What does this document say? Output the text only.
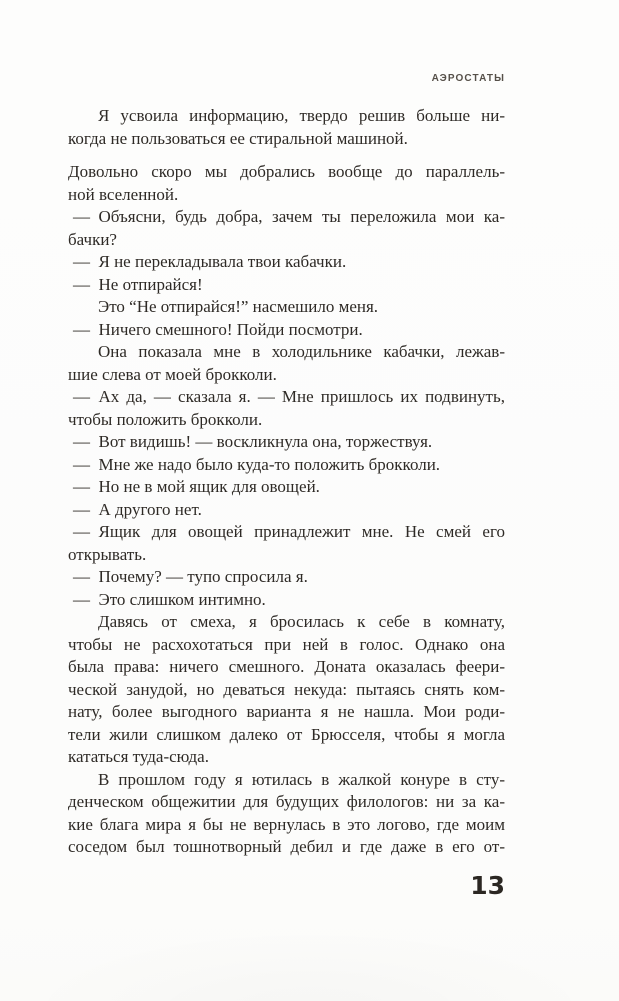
АЭРОСТАТЫ
Я усвоила информацию, твердо решив больше ни-
когда не пользоваться ее стиральной машиной.
Довольно скоро мы добрались вообще до параллель-
ной вселенной.
— Объясни, будь добра, зачем ты переложила мои ка-
бачки?
— Я не перекладывала твои кабачки.
— Не отпирайся!
Это “Не отпирайся!” насмешило меня.
— Ничего смешного! Пойди посмотри.
Она показала мне в холодильнике кабачки, лежав-
шие слева от моей брокколи.
— Ах да, — сказала я. — Мне пришлось их подвинуть,
чтобы положить брокколи.
— Вот видишь! — воскликнула она, торжествуя.
— Мне же надо было куда-то положить брокколи.
— Но не в мой ящик для овощей.
— А другого нет.
— Ящик для овощей принадлежит мне. Не смей его
открывать.
— Почему? — тупо спросила я.
— Это слишком интимно.
Давясь от смеха, я бросилась к себе в комнату,
чтобы не расхохотаться при ней в голос. Однако она
была права: ничего смешного. Доната оказалась феери-
ческой занудой, но деваться некуда: пытаясь снять ком-
нату, более выгодного варианта я не нашла. Мои роди-
тели жили слишком далеко от Брюсселя, чтобы я могла
кататься туда-сюда.
В прошлом году я ютилась в жалкой конуре в сту-
денческом общежитии для будущих филологов: ни за ка-
кие блага мира я бы не вернулась в это логово, где моим
соседом был тошнотворный дебил и где даже в его от-
13
